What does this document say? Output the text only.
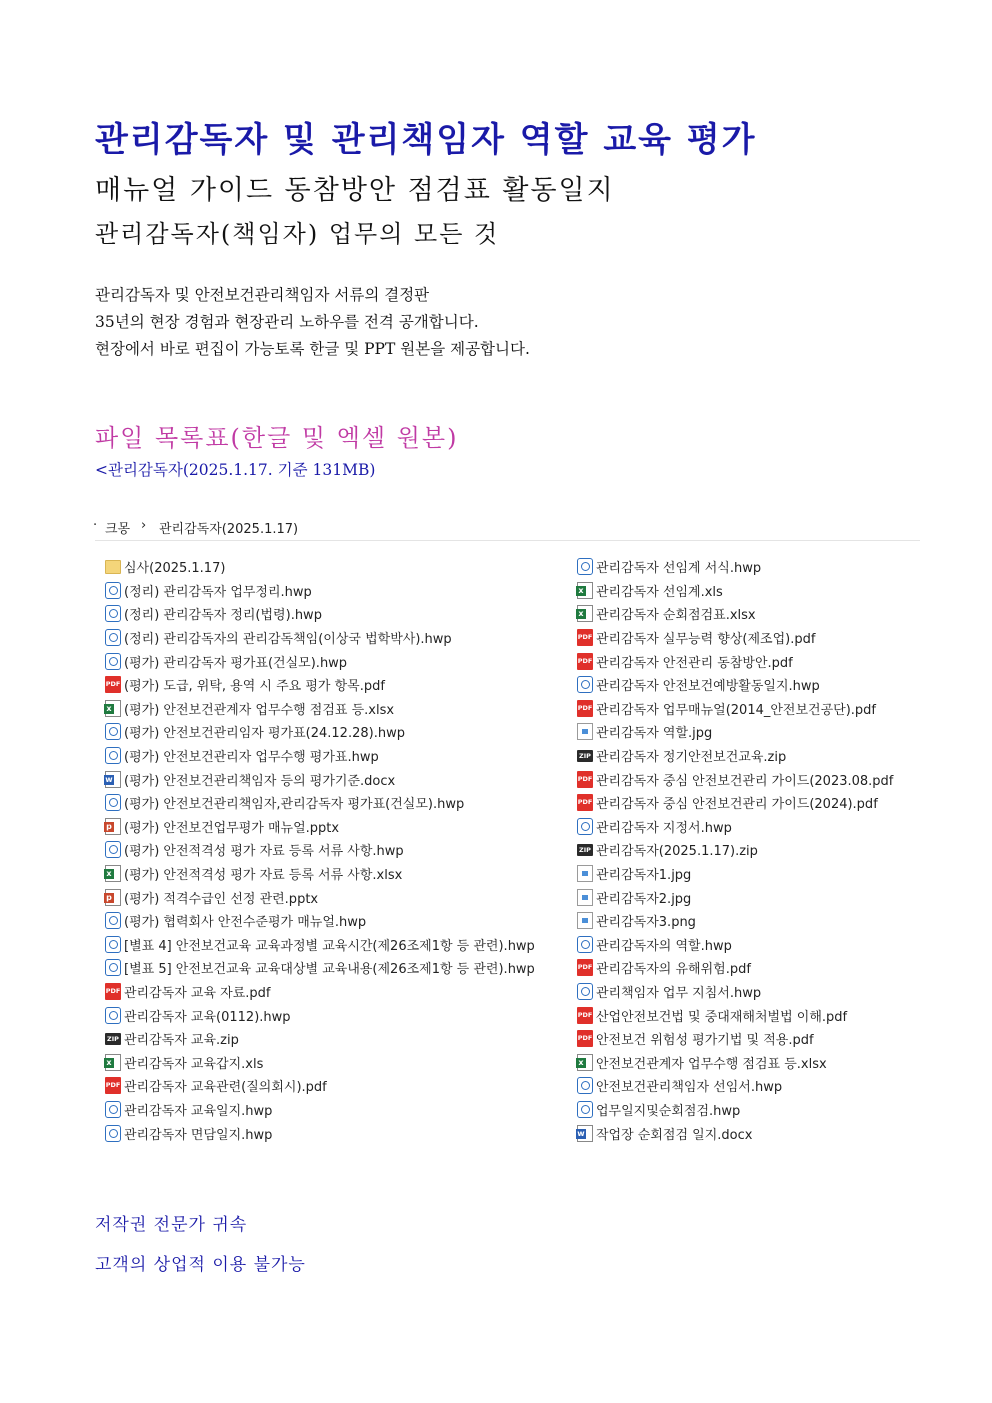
관리감독자 및 관리책임자 역할 교육 평가
매뉴얼 가이드 동참방안 점검표 활동일지
관리감독자(책임자) 업무의 모든 것
관리감독자 및 안전보건관리책임자 서류의 결정판
35년의 현장 경험과 현장관리 노하우를 전격 공개합니다.
현장에서 바로 편집이 가능토록 한글 및 PPT 원본을 제공합니다.
파일 목록표(한글 및 엑셀 원본)
<관리감독자(2025.1.17. 기준 131MB)
· 크몽 › 관리감독자(2025.1.17)
심사(2025.1.17)
(정리) 관리감독자 업무정리.hwp
(정리) 관리감독자 정리(법령).hwp
(정리) 관리감독자의 관리감독책임(이상국 법학박사).hwp
(평가) 관리감독자 평가표(건실모).hwp
PDF
(평가) 도급, 위탁, 용역 시 주요 평가 항목.pdf
x
(평가) 안전보건관계자 업무수행 점검표 등.xlsx
(평가) 안전보건관리임자 평가표(24.12.28).hwp
(평가) 안전보건관리자 업무수행 평가표.hwp
w
(평가) 안전보건관리책임자 등의 평가기준.docx
(평가) 안전보건관리책임자,관리감독자 평가표(건실모).hwp
p
(평가) 안전보건업무평가 매뉴얼.pptx
(평가) 안전적격성 평가 자료 등록 서류 사항.hwp
x
(평가) 안전적격성 평가 자료 등록 서류 사항.xlsx
p
(평가) 적격수급인 선정 관련.pptx
(평가) 협력회사 안전수준평가 매뉴얼.hwp
[별표 4] 안전보건교육 교육과정별 교육시간(제26조제1항 등 관련).hwp
[별표 5] 안전보건교육 교육대상별 교육내용(제26조제1항 등 관련).hwp
PDF
관리감독자 교육 자료.pdf
관리감독자 교육(0112).hwp
ZIP
관리감독자 교육.zip
x
관리감독자 교육갑지.xls
PDF
관리감독자 교육관련(질의회시).pdf
관리감독자 교육일지.hwp
관리감독자 면담일지.hwp
관리감독자 선임계 서식.hwp
x
관리감독자 선임계.xls
x
관리감독자 순회점검표.xlsx
PDF
관리감독자 실무능력 향상(제조업).pdf
PDF
관리감독자 안전관리 동참방안.pdf
관리감독자 안전보건예방활동일지.hwp
PDF
관리감독자 업무매뉴얼(2014_안전보건공단).pdf
관리감독자 역할.jpg
ZIP
관리감독자 정기안전보건교육.zip
PDF
관리감독자 중심 안전보건관리 가이드(2023.08.pdf
PDF
관리감독자 중심 안전보건관리 가이드(2024).pdf
관리감독자 지정서.hwp
ZIP
관리감독자(2025.1.17).zip
관리감독자1.jpg
관리감독자2.jpg
관리감독자3.png
관리감독자의 역할.hwp
PDF
관리감독자의 유해위험.pdf
관리책임자 업무 지침서.hwp
PDF
산업안전보건법 및 중대재해처벌법 이해.pdf
PDF
안전보건 위험성 평가기법 및 적용.pdf
x
안전보건관계자 업무수행 점검표 등.xlsx
안전보건관리책임자 선임서.hwp
업무일지및순회점검.hwp
w
작업장 순회점검 일지.docx
저작권 전문가 귀속
고객의 상업적 이용 불가능
